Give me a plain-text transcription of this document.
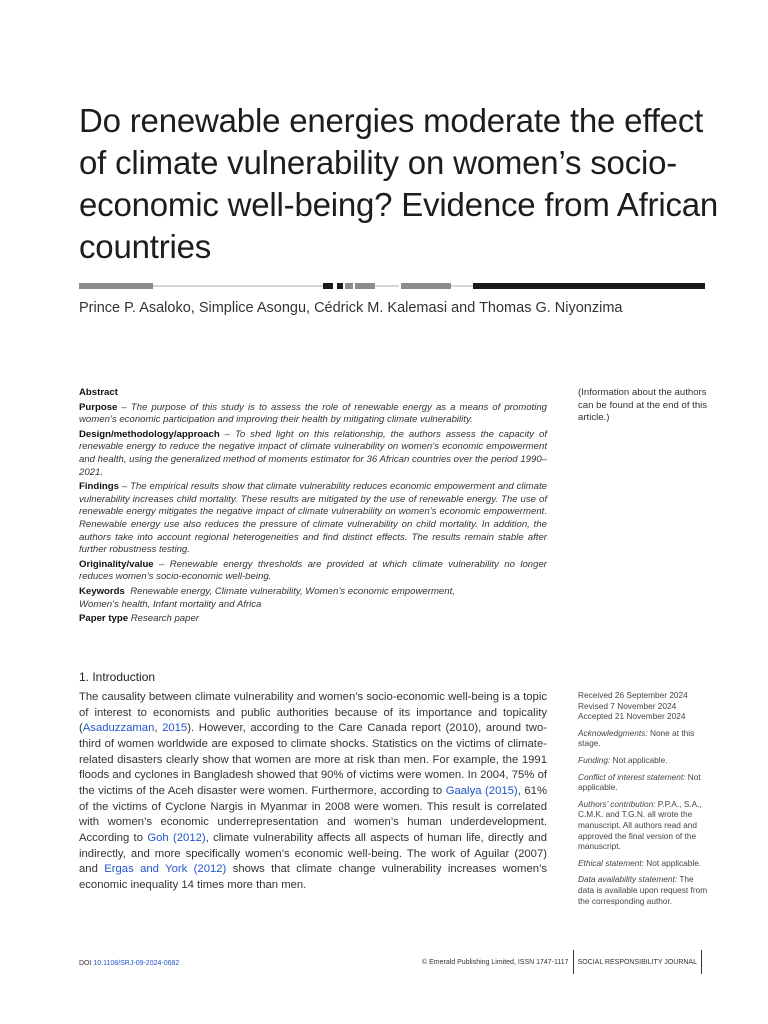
Do renewable energies moderate the effect of climate vulnerability on women’s socio-economic well-being? Evidence from African countries
Prince P. Asaloko, Simplice Asongu, Cédrick M. Kalemasi and Thomas G. Niyonzima

Abstract

Purpose – The purpose of this study is to assess the role of renewable energy as a means of promoting women’s economic participation and improving their health by mitigating climate vulnerability.

Design/methodology/approach – To shed light on this relationship, the authors assess the capacity of renewable energy to reduce the negative impact of climate vulnerability on women’s economic empowerment and health, using the generalized method of moments estimator for 36 African countries over the period 1990–2021.

Findings – The empirical results show that climate vulnerability reduces economic empowerment and climate vulnerability increases child mortality. These results are mitigated by the use of renewable energy. The use of renewable energy mitigates the negative impact of climate vulnerability on women’s economic empowerment. Renewable energy use also reduces the pressure of climate vulnerability on child mortality. In addition, the authors take into account regional heterogeneities and find distinct effects. The results remain stable after further robustness testing.

Originality/value – Renewable energy thresholds are provided at which climate vulnerability no longer reduces women’s socio-economic well-being.

Keywords Renewable energy, Climate vulnerability, Women’s economic empowerment,
Women’s health, Infant mortality and Africa

Paper type Research paper

(Information about the authors can be found at the end of this article.)
1. Introduction
The causality between climate vulnerability and women’s socio-economic well-being is a topic of interest to economists and public authorities because of its importance and topicality (Asaduzzaman, 2015). However, according to the Care Canada report (2010), around two-third of women worldwide are exposed to climate shocks. Statistics on the victims of climate-related disasters clearly show that women are more at risk than men. For example, the 1991 floods and cyclones in Bangladesh showed that 90% of victims were women. In 2004, 75% of the victims of the Aceh disaster were women. Furthermore, according to Gaalya (2015), 61% of the victims of Cyclone Nargis in Myanmar in 2008 were women. This result is correlated with women’s economic underrepresentation and women’s human underdevelopment. According to Goh (2012), climate vulnerability affects all aspects of human life, directly and indirectly, and more specifically women’s economic well-being. The work of Aguilar (2007) and Ergas and York (2012) shows that climate change vulnerability increases women’s economic inequality 14 times more than men.

Received 26 September 2024
Revised 7 November 2024
Accepted 21 November 2024

Acknowledgments: None at this stage.

Funding: Not applicable.

Conflict of interest statement: Not applicable.

Authors’ contribution: P.P.A., S.A., C.M.K. and T.G.N. all wrote the manuscript. All authors read and approved the final version of the manuscript.

Ethical statement: Not applicable.

Data availability statement: The data is available upon request from the corresponding author.

DOI 10.1108/SRJ-09-2024-0682	© Emerald Publishing Limited, ISSN 1747-1117 SOCIAL RESPONSIBILITY JOURNAL
